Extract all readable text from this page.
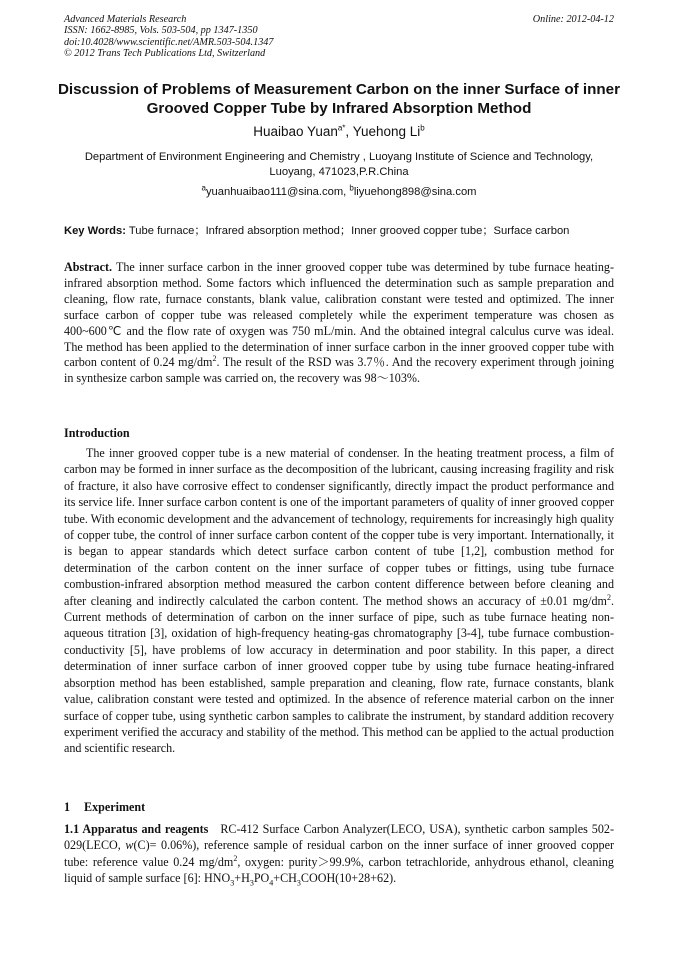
Advanced Materials Research
ISSN: 1662-8985, Vols. 503-504, pp 1347-1350
doi:10.4028/www.scientific.net/AMR.503-504.1347
© 2012 Trans Tech Publications Ltd, Switzerland
Online: 2012-04-12
Discussion of Problems of Measurement Carbon on the inner Surface of inner Grooved Copper Tube by Infrared Absorption Method
Huaibao Yuan$^{a*}$, Yuehong Li$^b$
Department of Environment Engineering and Chemistry , Luoyang Institute of Science and Technology, Luoyang, 471023,P.R.China
$^a$yuanhuaibao111@sina.com, $^b$liyuehong898@sina.com
Key Words: Tube furnace；Infrared absorption method；Inner grooved copper tube；Surface carbon
Abstract. The inner surface carbon in the inner grooved copper tube was determined by tube furnace heating-infrared absorption method. Some factors which influenced the determination such as sample preparation and cleaning, flow rate, furnace constants, blank value, calibration constant were tested and optimized. The inner surface carbon of copper tube was released completely while the experiment temperature was chosen as 400~600℃ and the flow rate of oxygen was 750 mL/min. And the obtained integral calculus curve was ideal. The method has been applied to the determination of inner surface carbon in the inner grooved copper tube with carbon content of 0.24 $mg/dm^2$. The result of the RSD was 3.7％. And the recovery experiment through joining in synthesize carbon sample was carried on, the recovery was 98～103%.
Introduction
The inner grooved copper tube is a new material of condenser. In the heating treatment process, a film of carbon may be formed in inner surface as the decomposition of the lubricant, causing increasing fragility and risk of fracture, it also have corrosive effect to condenser significantly, directly impact the product performance and its service life. Inner surface carbon content is one of the important parameters of quality of inner grooved copper tube. With economic development and the advancement of technology, requirements for increasingly high quality of copper tube, the control of inner surface carbon content of the copper tube is very important. Internationally, it is began to appear standards which detect surface carbon content of tube [1,2], combustion method for determination of the carbon content on the inner surface of copper tubes or fittings, using tube furnace combustion-infrared absorption method measured the carbon content difference between before cleaning and after cleaning and indirectly calculated the carbon content. The method shows an accuracy of ±0.01 $mg/dm^2$. Current methods of determination of carbon on the inner surface of pipe, such as tube furnace heating non-aqueous titration [3], oxidation of high-frequency heating-gas chromatography [3-4], tube furnace combustion-conductivity [5], have problems of low accuracy in determination and poor stability. In this paper, a direct determination of inner surface carbon of inner grooved copper tube by using tube furnace heating-infrared absorption method has been established, sample preparation and cleaning, flow rate, furnace constants, blank value, calibration constant were tested and optimized. In the absence of reference material carbon on the inner surface of copper tube, using synthetic carbon samples to calibrate the instrument, by standard addition recovery experiment verified the accuracy and stability of the method. This method can be applied to the actual production and scientific research.
1 Experiment
1.1 Apparatus and reagents RC-412 Surface Carbon Analyzer(LECO, USA), synthetic carbon samples 502-029(LECO, w(C)= 0.06%), reference sample of residual carbon on the inner surface of inner grooved copper tube: reference value 0.24 $mg/dm^2$, oxygen: purity＞99.9%, carbon tetrachloride, anhydrous ethanol, cleaning liquid of sample surface [6]: $HNO_3+H_3PO_4+CH_3COOH(10+28+62)$.
